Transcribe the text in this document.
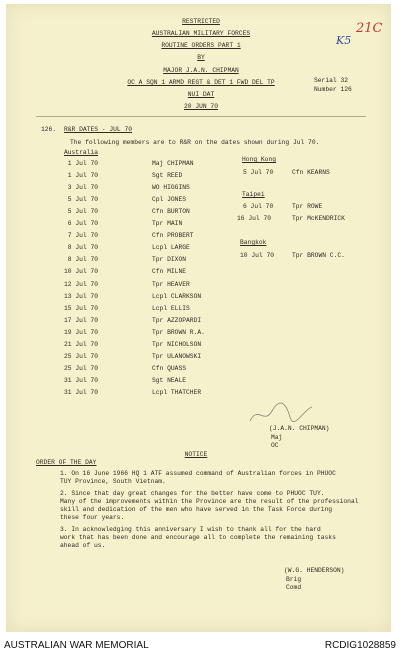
RESTRICTED
AUSTRALIAN MILITARY FORCES
ROUTINE ORDERS PART 1
BY
MAJOR J.A.N. CHIPMAN
OC A SQN 1 ARMD REGT & DET 1 FWD DEL TP
NUI DAT
20 JUN 70
Serial 32
Number 126
21C
K5
126. R&R DATES - JUL 70
The following members are to R&R on the dates shown during Jul 70.
Australia
1 Jul 70	Maj CHIPMAN
1 Jul 70	Sgt REED
3 Jul 70	WO HIGGINS
5 Jul 70	Cpl JONES
5 Jul 70	Cfn BURTON
6 Jul 70	Tpr MAIN
7 Jul 70	Cfn PROBERT
8 Jul 70	Lcpl LARGE
8 Jul 70	Tpr DIXON
10 Jul 70	Cfn MILNE
12 Jul 70	Tpr HEAVER
13 Jul 70	Lcpl CLARKSON
15 Jul 70	Lcpl ELLIS
17 Jul 70	Tpr AZZOPARDI
19 Jul 70	Tpr BROWN R.A.
21 Jul 70	Tpr NICHOLSON
25 Jul 70	Tpr ULANOWSKI
25 Jul 70	Cfn QUASS
31 Jul 70	Sgt NEALE
31 Jul 70	Lcpl THATCHER
Hong Kong
5 Jul 70	Cfn KEARNS
Taipei
6 Jul 70	Tpr ROWE
16 Jul 70	Tpr McKENDRICK
Bangkok
10 Jul 70	Tpr BROWN C.C.
(J.A.N. CHIPMAN)
Maj
OC
NOTICE
ORDER OF THE DAY
1. On 16 June 1966 HQ 1 ATF assumed command of Australian forces in PHUOC
TUY Province, South Vietnam.
2. Since that day great changes for the better have come to PHUOC TUY.
Many of the improvements within the Province are the result of the professional
skill and dedication of the men who have served in the Task Force during
these four years.
3. In acknowledging this anniversary I wish to thank all for the hard
work that has been done and encourage all to complete the remaining tasks
ahead of us.
(W.G. HENDERSON)
Brig
Comd
AUSTRALIAN WAR MEMORIAL	RCDIG1028859
